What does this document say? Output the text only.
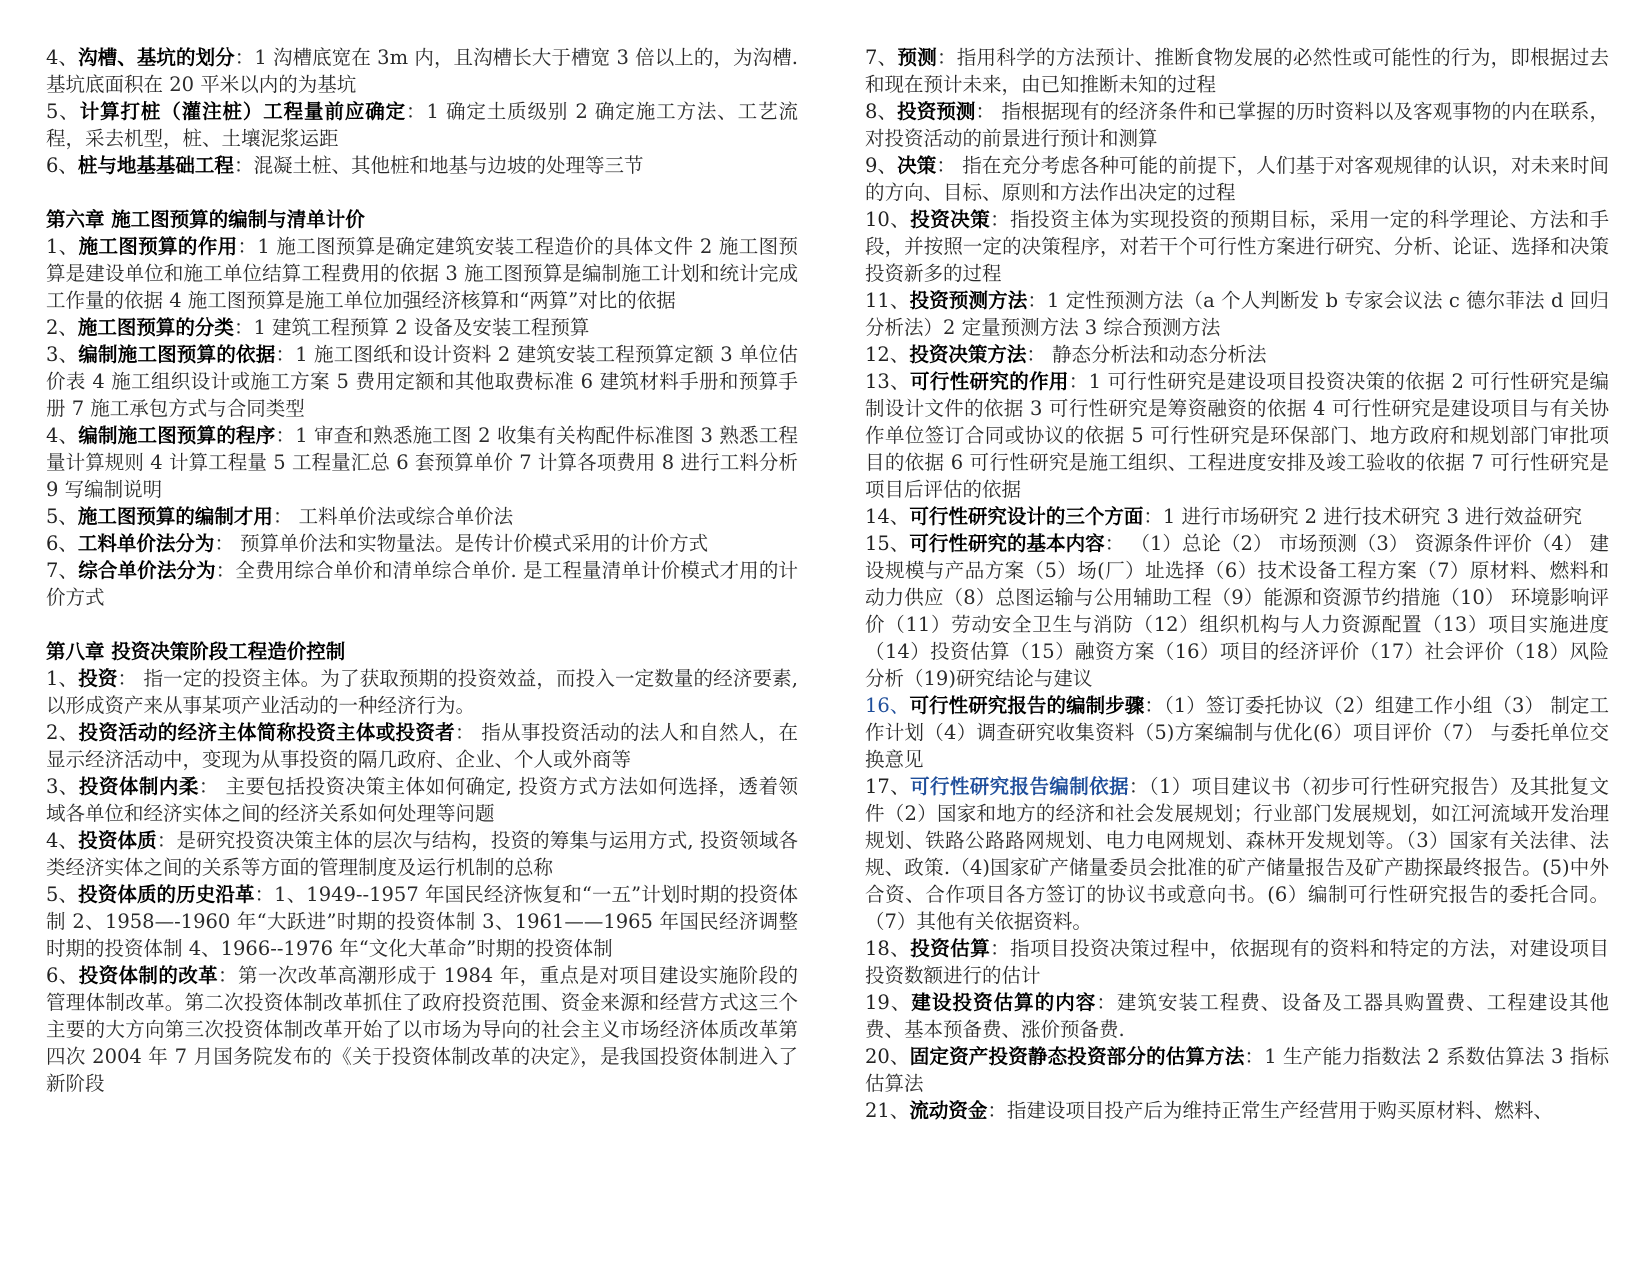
4、沟槽、基坑的划分：1 沟槽底宽在 3m 内，且沟槽长大于槽宽 3 倍以上的，为沟槽. 基坑底面积在 20 平米以内的为基坑

5、计算打桩（灌注桩）工程量前应确定：1 确定土质级别 2 确定施工方法、工艺流程，采去机型，桩、土壤泥浆运距

6、桩与地基基础工程：混凝土桩、其他桩和地基与边坡的处理等三节

第六章 施工图预算的编制与清单计价

1、施工图预算的作用：1 施工图预算是确定建筑安装工程造价的具体文件 2 施工图预算是建设单位和施工单位结算工程费用的依据 3 施工图预算是编制施工计划和统计完成工作量的依据 4 施工图预算是施工单位加强经济核算和“两算”对比的依据

2、施工图预算的分类：1 建筑工程预算 2 设备及安装工程预算

3、编制施工图预算的依据：1 施工图纸和设计资料 2 建筑安装工程预算定额 3 单位估价表 4 施工组织设计或施工方案 5 费用定额和其他取费标准 6 建筑材料手册和预算手册 7 施工承包方式与合同类型

4、编制施工图预算的程序：1 审查和熟悉施工图 2 收集有关构配件标准图 3 熟悉工程量计算规则 4 计算工程量 5 工程量汇总 6 套预算单价 7 计算各项费用 8 进行工料分析 9 写编制说明

5、施工图预算的编制才用： 工料单价法或综合单价法

6、工料单价法分为： 预算单价法和实物量法。是传计价模式采用的计价方式

7、综合单价法分为：全费用综合单价和清单综合单价. 是工程量清单计价模式才用的计价方式

第八章 投资决策阶段工程造价控制

1、投资： 指一定的投资主体。为了获取预期的投资效益，而投入一定数量的经济要素, 以形成资产来从事某项产业活动的一种经济行为。

2、投资活动的经济主体简称投资主体或投资者： 指从事投资活动的法人和自然人，在显示经济活动中，变现为从事投资的隔几政府、企业、个人或外商等

3、投资体制内柔： 主要包括投资决策主体如何确定, 投资方式方法如何选择，透着领域各单位和经济实体之间的经济关系如何处理等问题

4、投资体质：是研究投资决策主体的层次与结构，投资的筹集与运用方式, 投资领域各类经济实体之间的关系等方面的管理制度及运行机制的总称

5、投资体质的历史沿革：1、1949--1957 年国民经济恢复和“一五”计划时期的投资体制 2、1958—-1960 年“大跃进”时期的投资体制 3、1961——1965 年国民经济调整时期的投资体制 4、1966--1976 年“文化大革命”时期的投资体制

6、投资体制的改革：第一次改革高潮形成于 1984 年，重点是对项目建设实施阶段的管理体制改革。第二次投资体制改革抓住了政府投资范围、资金来源和经营方式这三个主要的大方向第三次投资体制改革开始了以市场为导向的社会主义市场经济体质改革第四次 2004 年 7 月国务院发布的《关于投资体制改革的决定》，是我国投资体制进入了新阶段

7、预测：指用科学的方法预计、推断食物发展的必然性或可能性的行为，即根据过去和现在预计未来，由已知推断未知的过程

8、投资预测： 指根据现有的经济条件和已掌握的历时资料以及客观事物的内在联系，对投资活动的前景进行预计和测算

9、决策： 指在充分考虑各种可能的前提下，人们基于对客观规律的认识，对未来时间的方向、目标、原则和方法作出决定的过程

10、投资决策：指投资主体为实现投资的预期目标，采用一定的科学理论、方法和手段，并按照一定的决策程序，对若干个可行性方案进行研究、分析、论证、选择和决策投资新多的过程

11、投资预测方法：1 定性预测方法（a 个人判断发 b 专家会议法 c 德尔菲法 d 回归分析法）2 定量预测方法 3 综合预测方法

12、投资决策方法： 静态分析法和动态分析法

13、可行性研究的作用：1 可行性研究是建设项目投资决策的依据 2 可行性研究是编制设计文件的依据 3 可行性研究是筹资融资的依据 4 可行性研究是建设项目与有关协作单位签订合同或协议的依据 5 可行性研究是环保部门、地方政府和规划部门审批项目的依据 6 可行性研究是施工组织、工程进度安排及竣工验收的依据 7 可行性研究是项目后评估的依据

14、可行性研究设计的三个方面：1 进行市场研究 2 进行技术研究 3 进行效益研究

15、可行性研究的基本内容： （1）总论（2） 市场预测（3） 资源条件评价（4） 建设规模与产品方案（5）场(厂）址选择（6）技术设备工程方案（7）原材料、燃料和动力供应（8）总图运输与公用辅助工程（9）能源和资源节约措施（10） 环境影响评价（11）劳动安全卫生与消防（12）组织机构与人力资源配置（13）项目实施进度（14）投资估算（15）融资方案（16）项目的经济评价（17）社会评价（18）风险分析（19)研究结论与建议

16、可行性研究报告的编制步骤：（1）签订委托协议（2）组建工作小组（3） 制定工作计划（4）调查研究收集资料（5)方案编制与优化(6）项目评价（7） 与委托单位交换意见

17、可行性研究报告编制依据：（1）项目建议书（初步可行性研究报告）及其批复文件（2）国家和地方的经济和社会发展规划；行业部门发展规划，如江河流域开发治理规划、铁路公路路网规划、电力电网规划、森林开发规划等。（3）国家有关法律、法规、政策.（4)国家矿产储量委员会批准的矿产储量报告及矿产勘探最终报告。(5)中外合资、合作项目各方签订的协议书或意向书。(6）编制可行性研究报告的委托合同。（7）其他有关依据资料。

18、投资估算：指项目投资决策过程中，依据现有的资料和特定的方法，对建设项目投资数额进行的估计

19、建设投资估算的内容：建筑安装工程费、设备及工器具购置费、工程建设其他费、基本预备费、涨价预备费.

20、固定资产投资静态投资部分的估算方法：1 生产能力指数法 2 系数估算法 3 指标估算法

21、流动资金：指建设项目投产后为维持正常生产经营用于购买原材料、燃料、
